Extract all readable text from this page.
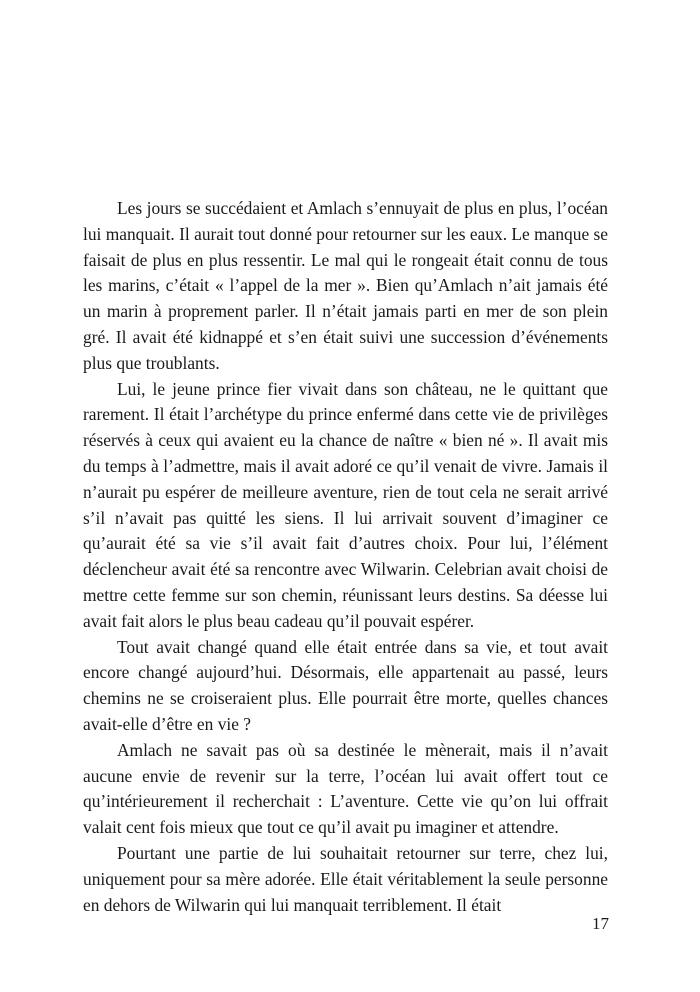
Les jours se succédaient et Amlach s’ennuyait de plus en plus, l’océan lui manquait. Il aurait tout donné pour retourner sur les eaux. Le manque se faisait de plus en plus ressentir. Le mal qui le rongeait était connu de tous les marins, c’était « l’appel de la mer ». Bien qu’Amlach n’ait jamais été un marin à proprement parler. Il n’était jamais parti en mer de son plein gré. Il avait été kidnappé et s’en était suivi une succession d’événements plus que troublants.

Lui, le jeune prince fier vivait dans son château, ne le quittant que rarement. Il était l’archétype du prince enfermé dans cette vie de privilèges réservés à ceux qui avaient eu la chance de naître « bien né ». Il avait mis du temps à l’admettre, mais il avait adoré ce qu’il venait de vivre. Jamais il n’aurait pu espérer de meilleure aventure, rien de tout cela ne serait arrivé s’il n’avait pas quitté les siens. Il lui arrivait souvent d’imaginer ce qu’aurait été sa vie s’il avait fait d’autres choix. Pour lui, l’élément déclencheur avait été sa rencontre avec Wilwarin. Celebrian avait choisi de mettre cette femme sur son chemin, réunissant leurs destins. Sa déesse lui avait fait alors le plus beau cadeau qu’il pouvait espérer.

Tout avait changé quand elle était entrée dans sa vie, et tout avait encore changé aujourd’hui. Désormais, elle appartenait au passé, leurs chemins ne se croiseraient plus. Elle pourrait être morte, quelles chances avait-elle d’être en vie ?

Amlach ne savait pas où sa destinée le mènerait, mais il n’avait aucune envie de revenir sur la terre, l’océan lui avait offert tout ce qu’intérieurement il recherchait : L’aventure. Cette vie qu’on lui offrait valait cent fois mieux que tout ce qu’il avait pu imaginer et attendre.

Pourtant une partie de lui souhaitait retourner sur terre, chez lui, uniquement pour sa mère adorée. Elle était véritablement la seule personne en dehors de Wilwarin qui lui manquait terriblement. Il était

17
